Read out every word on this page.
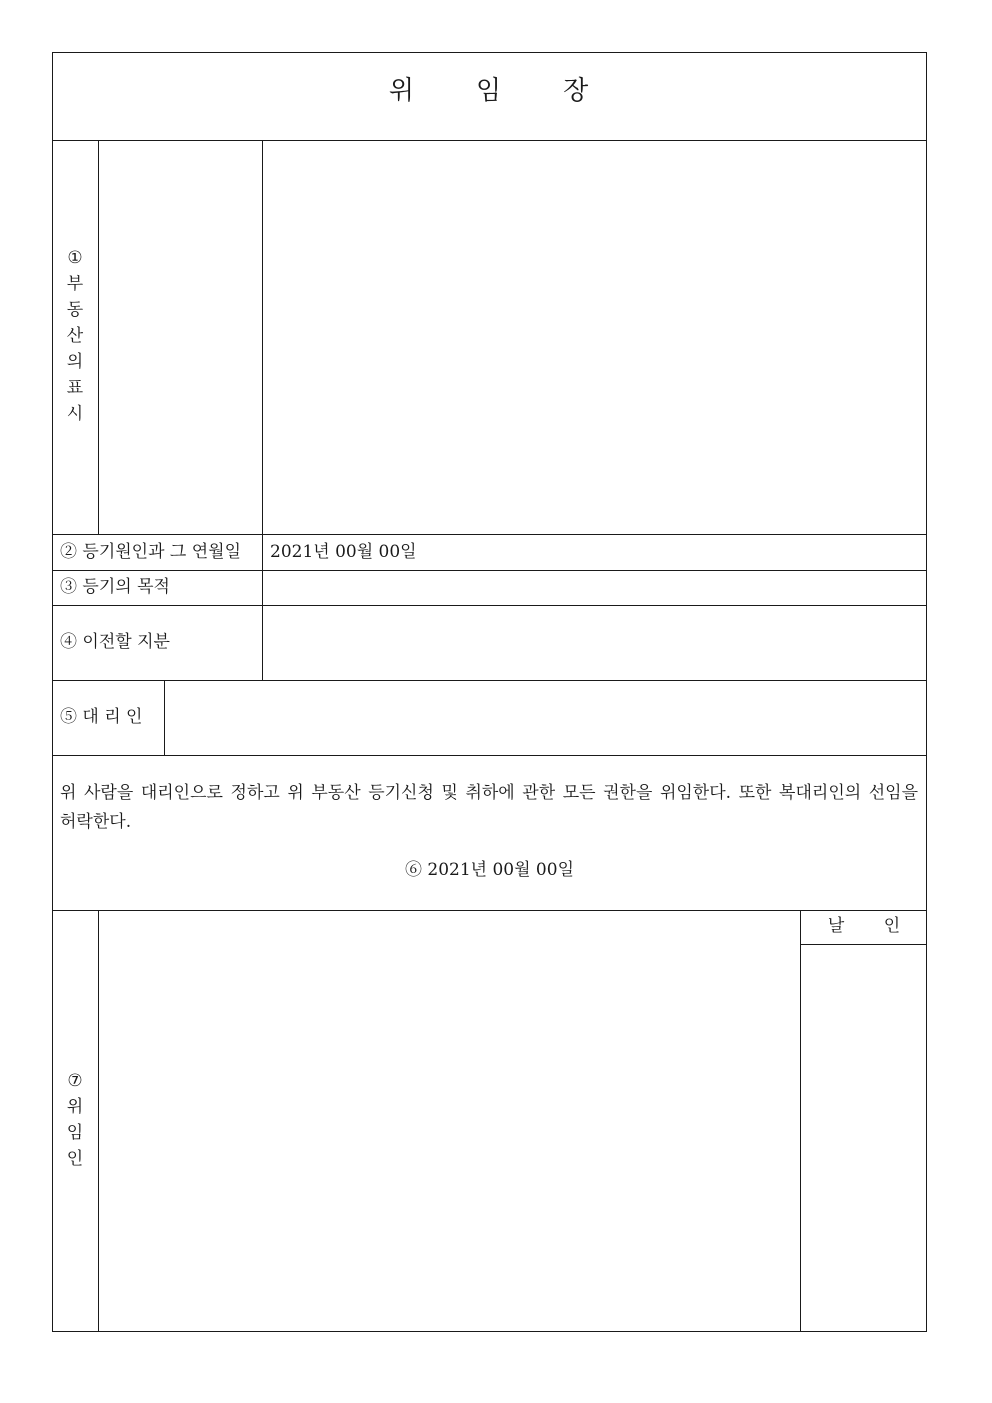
위 임 장
①
부
동
산
의
표
시
② 등기원인과 그 연월일 2021년 00월 00일
③ 등기의 목적
④ 이전할 지분
⑤ 대 리 인
위 사람을 대리인으로 정하고 위 부동산 등기신청 및 취하에 관한 모든 권한을 위임한다. 또한 복대리인의 선임을 허락한다.
⑥ 2021년 00월 00일
⑦
위
임
인
날 인
